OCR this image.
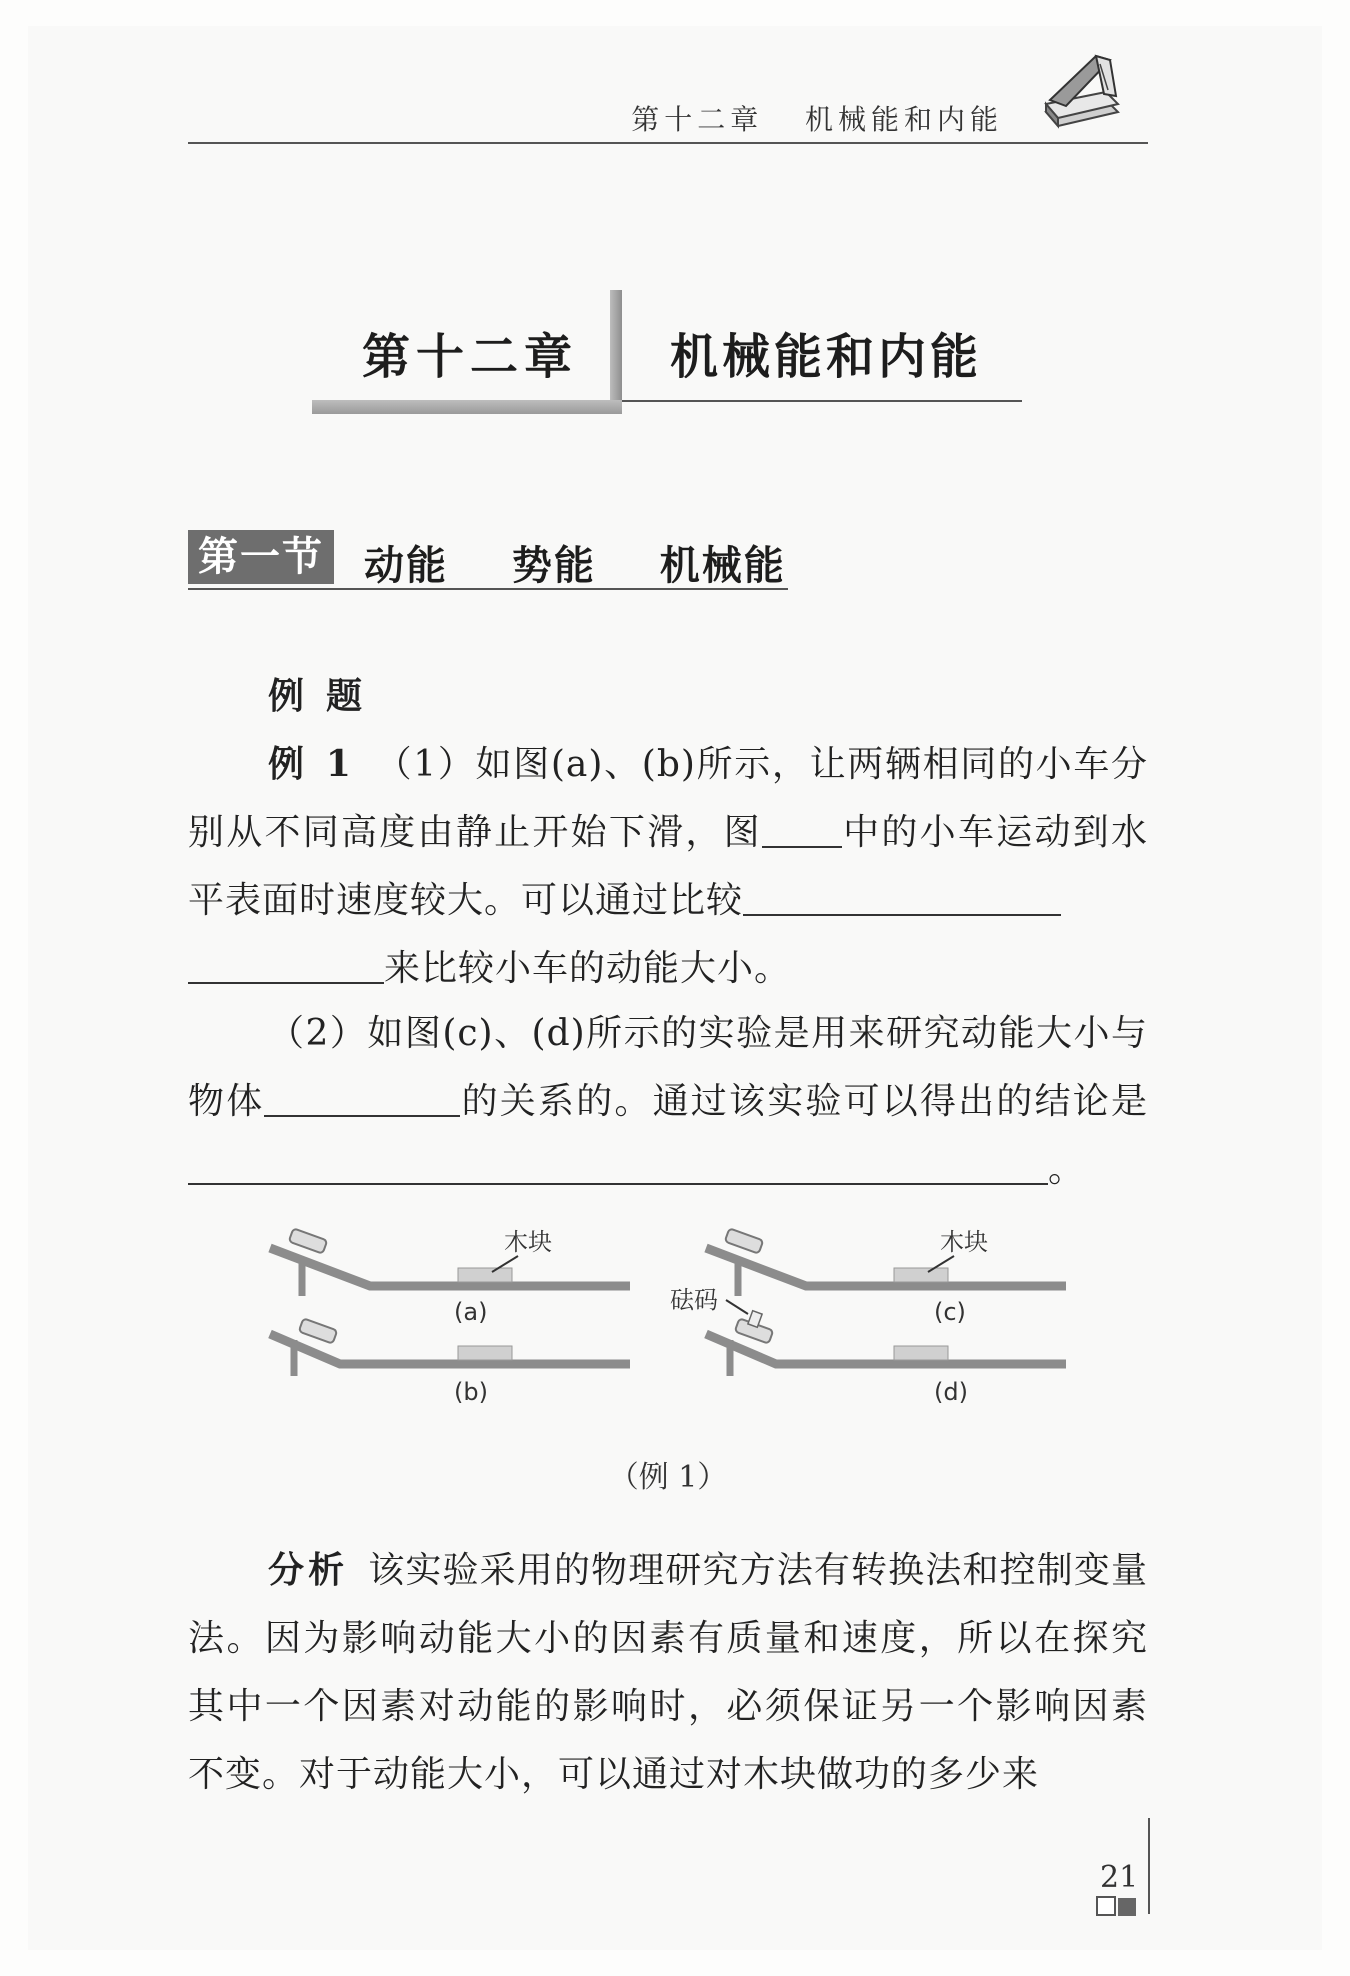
第十二章   机械能和内能
第十二章 机械能和内能
第一节 动能  势能  机械能
例题
例 1 （1）如图(a)、(b)所示，让两辆相同的小车分别从不同高度由静止开始下滑，图 中的小车运动到水平表面时速度较大。可以通过比较
来比较小车的动能大小。
（2）如图(c)、(d)所示的实验是用来研究动能大小与物体	的关系的。通过该实验可以得出的结论是。
木块
(a)
(b)
木块
(c)
砝码
(d)
（例 1）
分析 该实验采用的物理研究方法有转换法和控制变量法。因为影响动能大小的因素有质量和速度，所以在探究其中一个因素对动能的影响时，必须保证另一个影响因素不变。对于动能大小，可以通过对木块做功的多少来
21
